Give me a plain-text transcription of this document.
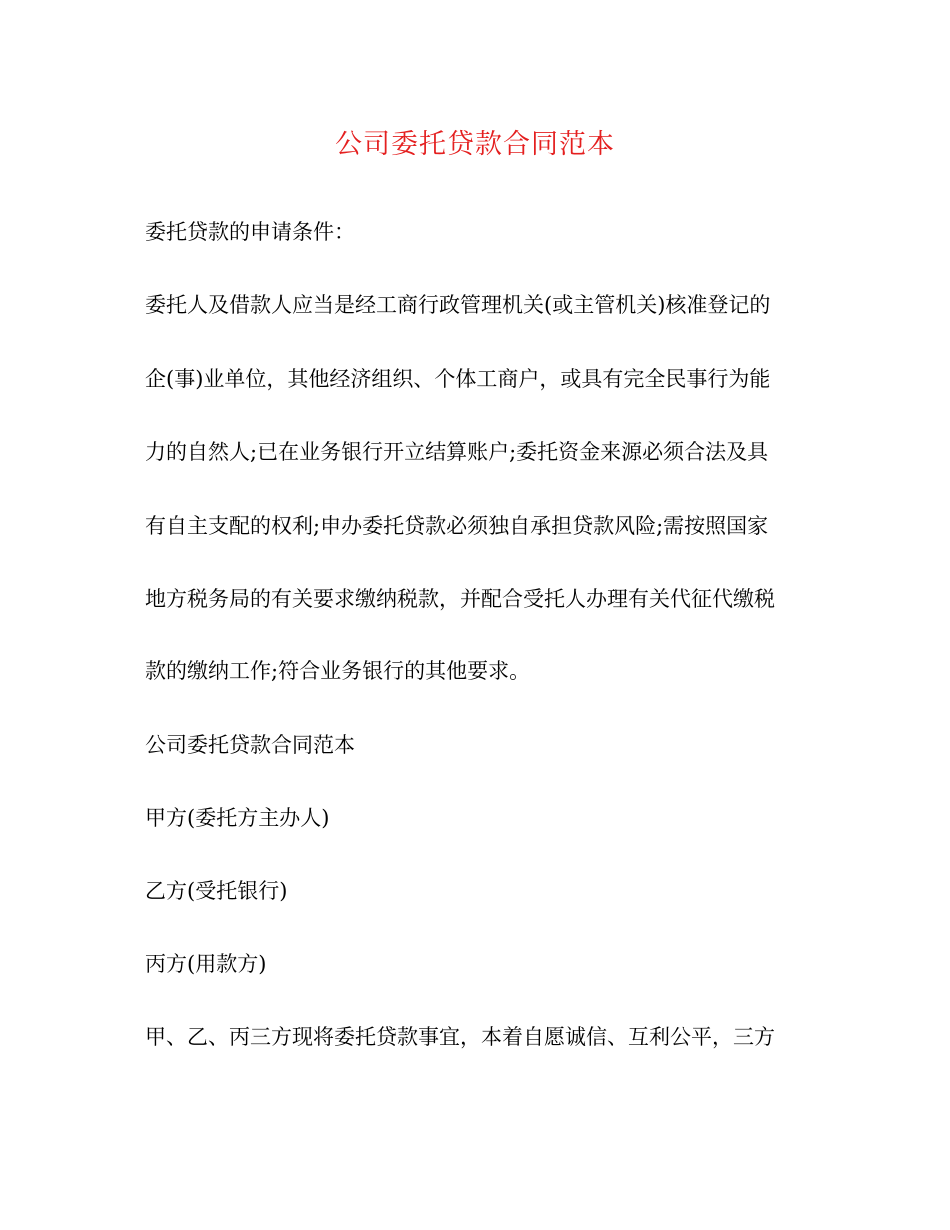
公司委托贷款合同范本
委托贷款的申请条件：
委托人及借款人应当是经工商行政管理机关(或主管机关)核准登记的
企(事)业单位，其他经济组织、个体工商户，或具有完全民事行为能
力的自然人;已在业务银行开立结算账户;委托资金来源必须合法及具
有自主支配的权利;申办委托贷款必须独自承担贷款风险;需按照国家
地方税务局的有关要求缴纳税款，并配合受托人办理有关代征代缴税
款的缴纳工作;符合业务银行的其他要求。
公司委托贷款合同范本
甲方(委托方主办人)
乙方(受托银行)
丙方(用款方)
甲、乙、丙三方现将委托贷款事宜，本着自愿诚信、互利公平，三方
